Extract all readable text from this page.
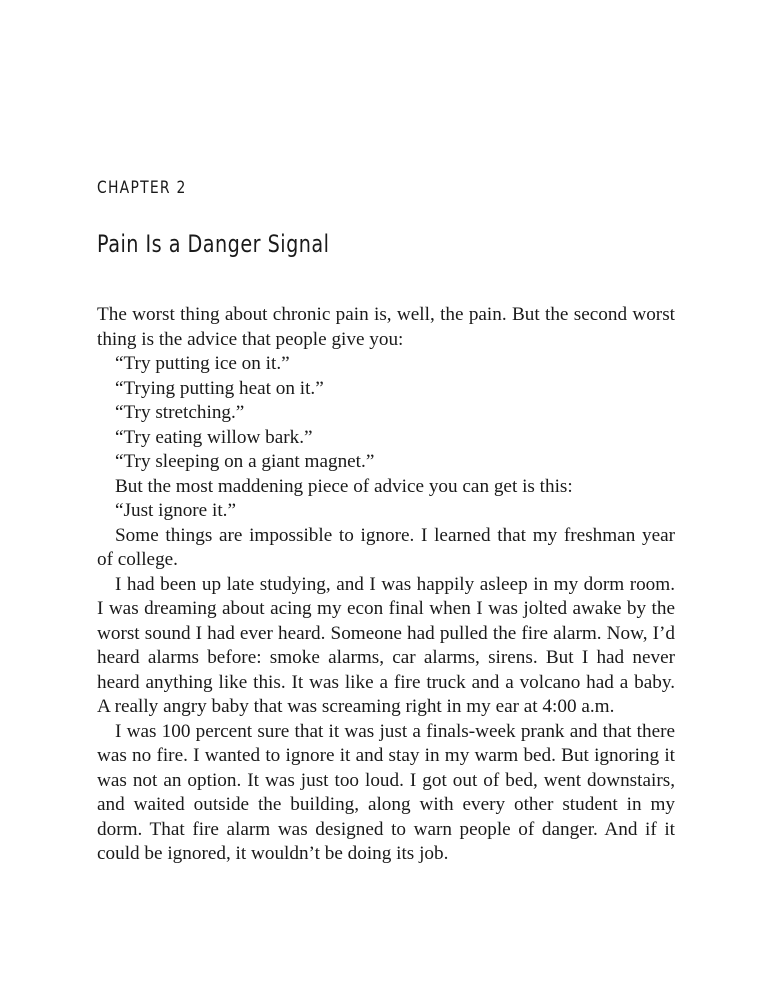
CHAPTER 2
Pain Is a Danger Signal

The worst thing about chronic pain is, well, the pain. But the second worst thing is the advice that people give you:

“Try putting ice on it.”

“Trying putting heat on it.”

“Try stretching.”

“Try eating willow bark.”

“Try sleeping on a giant magnet.”

But the most maddening piece of advice you can get is this:

“Just ignore it.”

Some things are impossible to ignore. I learned that my freshman year of college.

I had been up late studying, and I was happily asleep in my dorm room. I was dreaming about acing my econ final when I was jolted awake by the worst sound I had ever heard. Someone had pulled the fire alarm. Now, I’d heard alarms before: smoke alarms, car alarms, sirens. But I had never heard anything like this. It was like a fire truck and a volcano had a baby. A really angry baby that was screaming right in my ear at 4:00 a.m.

I was 100 percent sure that it was just a finals-week prank and that there was no fire. I wanted to ignore it and stay in my warm bed. But ignoring it was not an option. It was just too loud. I got out of bed, went downstairs, and waited outside the building, along with every other student in my dorm. That fire alarm was designed to warn people of danger. And if it could be ignored, it wouldn’t be doing its job.
